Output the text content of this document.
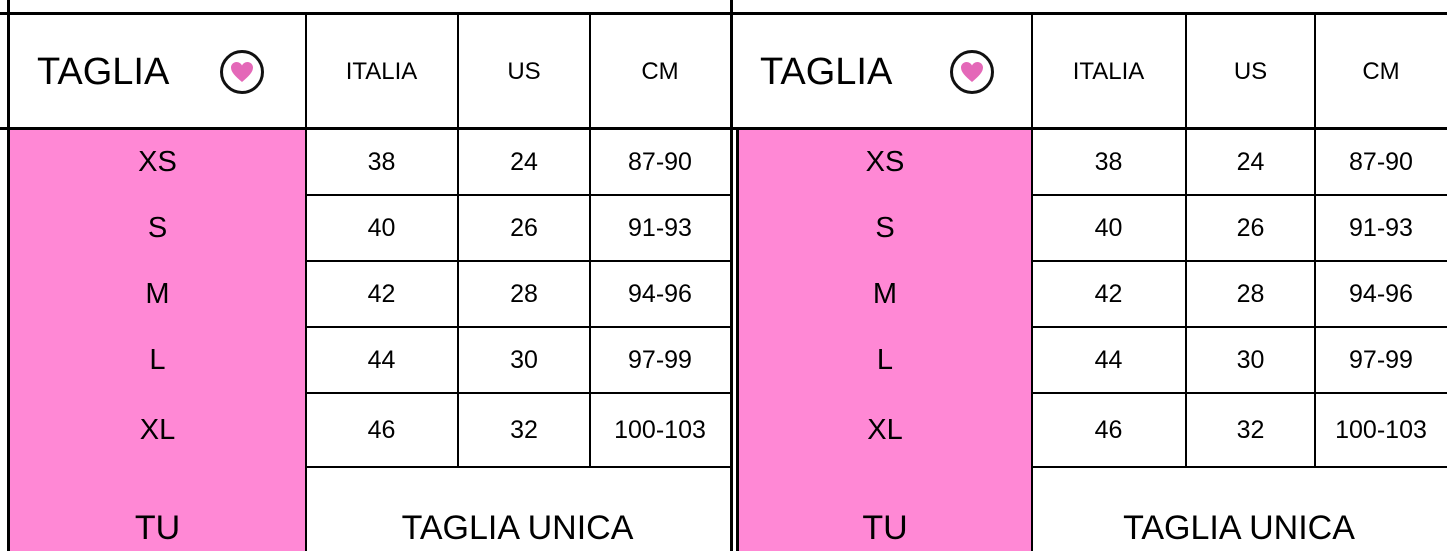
TAGLIA	ITALIA	US	CM
XS	38	24	87-90
S	40	26	91-93
M	42	28	94-96
L	44	30	97-99
XL	46	32	100-103
TU	TAGLIA UNICA
TAGLIA	ITALIA	US	CM
XS	38	24	87-90
S	40	26	91-93
M	42	28	94-96
L	44	30	97-99
XL	46	32	100-103
TU	TAGLIA UNICA
